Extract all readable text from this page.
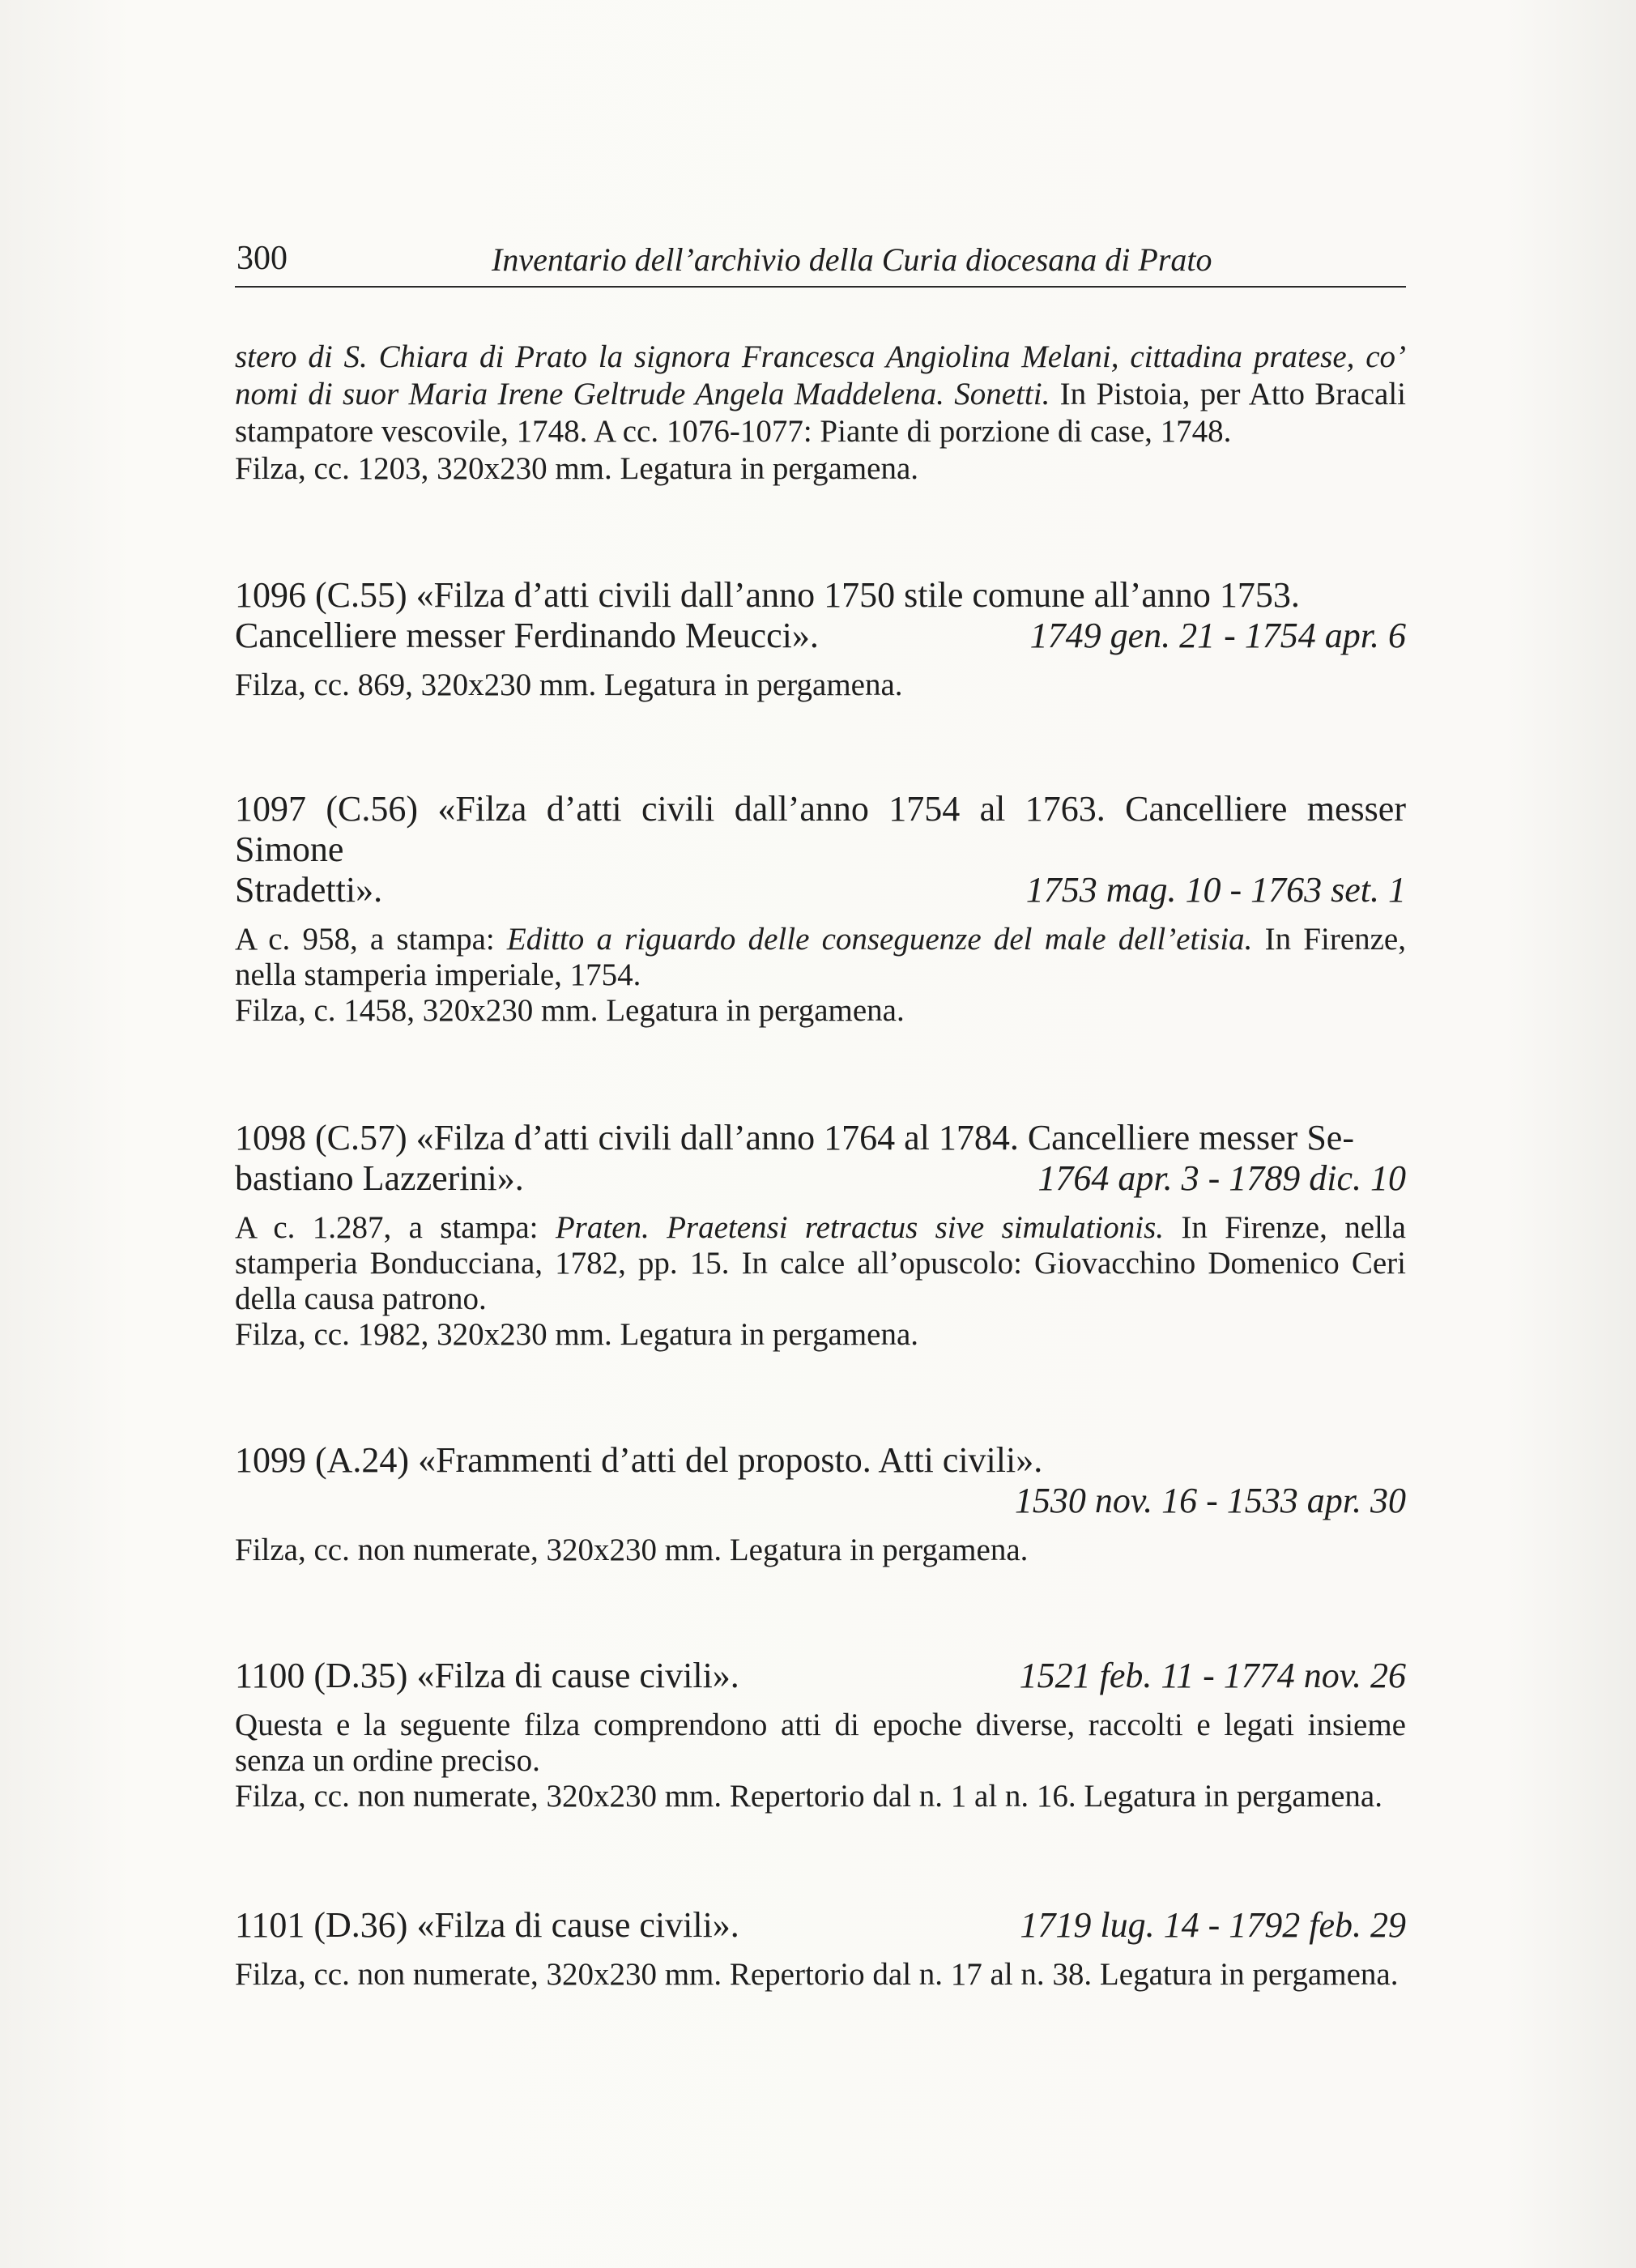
300	Inventario dell’archivio della Curia diocesana di Prato

stero di S. Chiara di Prato la signora Francesca Angiolina Melani, cittadina pratese, co’ nomi di suor Maria Irene Geltrude Angela Maddelena. Sonetti. In Pistoia, per Atto Bracali stampatore vescovile, 1748. A cc. 1076-1077: Piante di porzione di case, 1748.

Filza, cc. 1203, 320x230 mm. Legatura in pergamena.

1096 (C.55) «Filza d’atti civili dall’anno 1750 stile comune all’anno 1753.

Cancelliere messer Ferdinando Meucci».	1749 gen. 21 - 1754 apr. 6

Filza, cc. 869, 320x230 mm. Legatura in pergamena.

1097 (C.56) «Filza d’atti civili dall’anno 1754 al 1763. Cancelliere messer Simone

Stradetti».	1753 mag. 10 - 1763 set. 1

A c. 958, a stampa: Editto a riguardo delle conseguenze del male dell’etisia. In Firenze, nella stamperia imperiale, 1754.

Filza, c. 1458, 320x230 mm. Legatura in pergamena.

1098 (C.57) «Filza d’atti civili dall’anno 1764 al 1784. Cancelliere messer Se-

bastiano Lazzerini».	1764 apr. 3 - 1789 dic. 10

A c. 1.287, a stampa: Praten. Praetensi retractus sive simulationis. In Firenze, nella stamperia Bonducciana, 1782, pp. 15. In calce all’opuscolo: Giovacchino Domenico Ceri della causa patrono.

Filza, cc. 1982, 320x230 mm. Legatura in pergamena.

1099 (A.24) «Frammenti d’atti del proposto. Atti civili».

1530 nov. 16 - 1533 apr. 30

Filza, cc. non numerate, 320x230 mm. Legatura in pergamena.

1100 (D.35) «Filza di cause civili».	1521 feb. 11 - 1774 nov. 26

Questa e la seguente filza comprendono atti di epoche diverse, raccolti e legati insieme senza un ordine preciso.

Filza, cc. non numerate, 320x230 mm. Repertorio dal n. 1 al n. 16. Legatura in pergamena.

1101 (D.36) «Filza di cause civili».	1719 lug. 14 - 1792 feb. 29

Filza, cc. non numerate, 320x230 mm. Repertorio dal n. 17 al n. 38. Legatura in pergamena.
